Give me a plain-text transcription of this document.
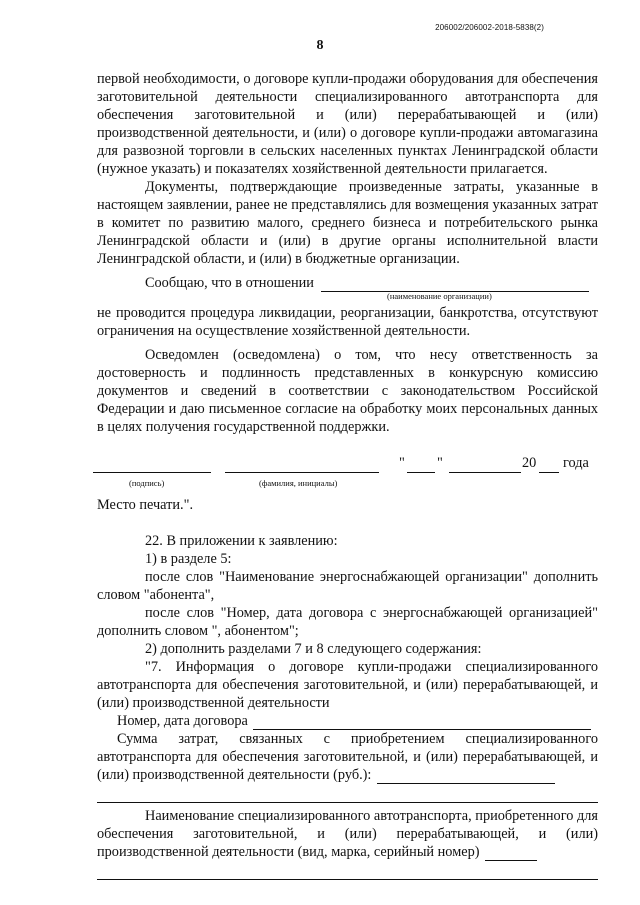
206002/206002-2018-5838(2)
8

первой необходимости, о договоре купли-продажи оборудования для обеспечения заготовительной деятельности специализированного автотранспорта для обеспечения заготовительной и (или) перерабатывающей и (или) производственной деятельности, и (или) о договоре купли-продажи автомагазина для развозной торговли в сельских населенных пунктах Ленинградской области (нужное указать) и показателях хозяйственной деятельности прилагается.

Документы, подтверждающие произведенные затраты, указанные в настоящем заявлении, ранее не представлялись для возмещения указанных затрат в комитет по развитию малого, среднего бизнеса и потребительского рынка Ленинградской области и (или) в другие органы исполнительной власти Ленинградской области, и (или) в бюджетные организации.

Сообщаю, что в отношении

(наименование организации)

не проводится процедура ликвидации, реорганизации, банкротства, отсутствуют ограничения на осуществление хозяйственной деятельности.

Осведомлен (осведомлена) о том, что несу ответственность за достоверность и подлинность представленных в конкурсную комиссию документов и сведений в соответствии с законодательством Российской Федерации и даю письменное согласие на обработку моих персональных данных в целях получения государственной поддержки.

" "	20 года
(подпись)	(фамилия, инициалы)
Место печати.".

22. В приложении к заявлению:

1) в разделе 5:

после слов "Наименование энергоснабжающей организации" дополнить словом "абонента",

после слов "Номер, дата договора с энергоснабжающей организацией" дополнить словом ", абонентом";

2) дополнить разделами 7 и 8 следующего содержания:

"7. Информация о договоре купли-продажи специализированного автотранспорта для обеспечения заготовительной, и (или) перерабатывающей, и (или) производственной деятельности

Номер, дата договора

Сумма затрат, связанных с приобретением специализированного автотранспорта для обеспечения заготовительной, и (или) перерабатывающей, и (или) производственной деятельности (руб.):

Наименование специализированного автотранспорта, приобретенного для обеспечения заготовительной, и (или) перерабатывающей, и (или) производственной деятельности (вид, марка, серийный номер)
